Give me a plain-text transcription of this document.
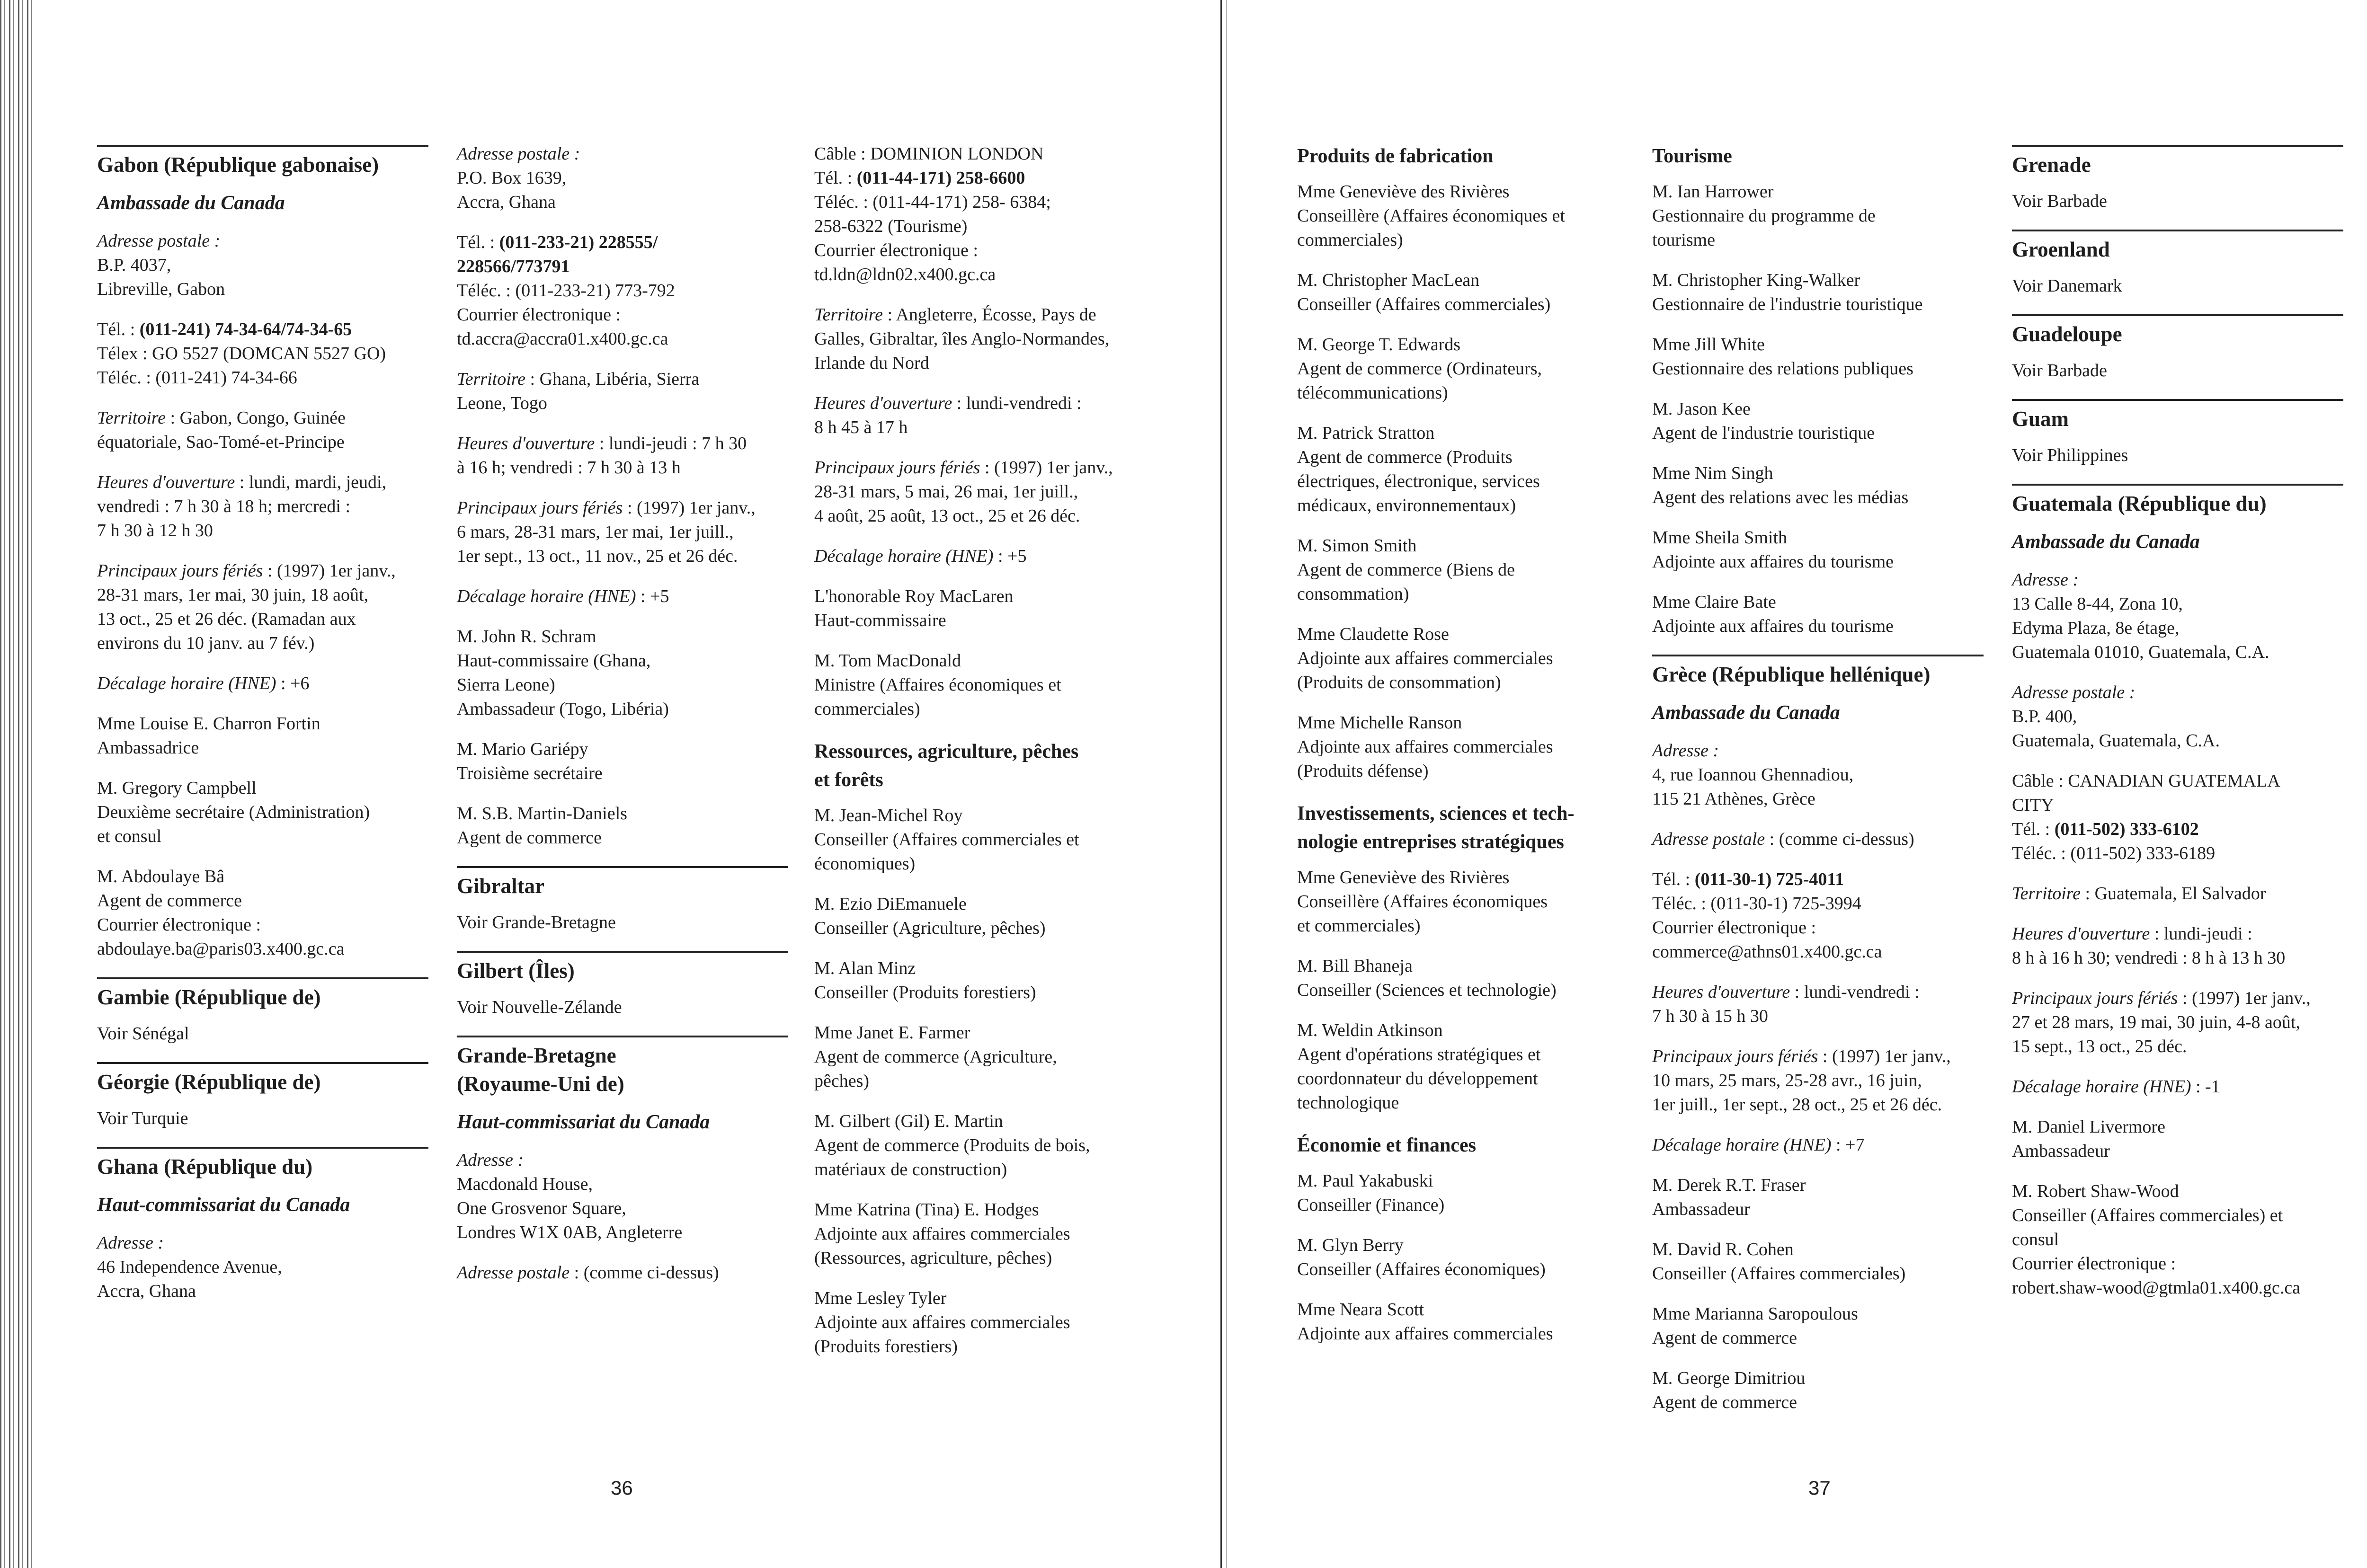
Gabon (République gabonaise)
Ambassade du Canada
Adresse postale :
B.P. 4037,
Libreville, Gabon
Tél. : (011-241) 74-34-64/74-34-65
Télex : GO 5527 (DOMCAN 5527 GO)
Téléc. : (011-241) 74-34-66
Territoire : Gabon, Congo, Guinée
équatoriale, Sao-Tomé-et-Principe
Heures d'ouverture : lundi, mardi, jeudi,
vendredi : 7 h 30 à 18 h; mercredi :
7 h 30 à 12 h 30
Principaux jours fériés : (1997) 1er janv.,
28-31 mars, 1er mai, 30 juin, 18 août,
13 oct., 25 et 26 déc. (Ramadan aux
environs du 10 janv. au 7 fév.)
Décalage horaire (HNE) : +6
Mme Louise E. Charron Fortin
Ambassadrice
M. Gregory Campbell
Deuxième secrétaire (Administration)
et consul
M. Abdoulaye Bâ
Agent de commerce
Courrier électronique :
abdoulaye.ba@paris03.x400.gc.ca
Gambie (République de)
Voir Sénégal
Géorgie (République de)
Voir Turquie
Ghana (République du)
Haut-commissariat du Canada
Adresse :
46 Independence Avenue,
Accra, Ghana
Adresse postale :
P.O. Box 1639,
Accra, Ghana
Tél. : (011-233-21) 228555/
228566/773791
Téléc. : (011-233-21) 773-792
Courrier électronique :
td.accra@accra01.x400.gc.ca
Territoire : Ghana, Libéria, Sierra
Leone, Togo
Heures d'ouverture : lundi-jeudi : 7 h 30
à 16 h; vendredi : 7 h 30 à 13 h
Principaux jours fériés : (1997) 1er janv.,
6 mars, 28-31 mars, 1er mai, 1er juill.,
1er sept., 13 oct., 11 nov., 25 et 26 déc.
Décalage horaire (HNE) : +5
M. John R. Schram
Haut-commissaire (Ghana,
Sierra Leone)
Ambassadeur (Togo, Libéria)
M. Mario Gariépy
Troisième secrétaire
M. S.B. Martin-Daniels
Agent de commerce
Gibraltar
Voir Grande-Bretagne
Gilbert (Îles)
Voir Nouvelle-Zélande
Grande-Bretagne
(Royaume-Uni de)
Haut-commissariat du Canada
Adresse :
Macdonald House,
One Grosvenor Square,
Londres W1X 0AB, Angleterre
Adresse postale : (comme ci-dessus)
Câble : DOMINION LONDON
Tél. : (011-44-171) 258-6600
Téléc. : (011-44-171) 258- 6384;
258-6322 (Tourisme)
Courrier électronique :
td.ldn@ldn02.x400.gc.ca
Territoire : Angleterre, Écosse, Pays de
Galles, Gibraltar, îles Anglo-Normandes,
Irlande du Nord
Heures d'ouverture : lundi-vendredi :
8 h 45 à 17 h
Principaux jours fériés : (1997) 1er janv.,
28-31 mars, 5 mai, 26 mai, 1er juill.,
4 août, 25 août, 13 oct., 25 et 26 déc.
Décalage horaire (HNE) : +5
L'honorable Roy MacLaren
Haut-commissaire
M. Tom MacDonald
Ministre (Affaires économiques et
commerciales)
Ressources, agriculture, pêches
et forêts
M. Jean-Michel Roy
Conseiller (Affaires commerciales et
économiques)
M. Ezio DiEmanuele
Conseiller (Agriculture, pêches)
M. Alan Minz
Conseiller (Produits forestiers)
Mme Janet E. Farmer
Agent de commerce (Agriculture,
pêches)
M. Gilbert (Gil) E. Martin
Agent de commerce (Produits de bois,
matériaux de construction)
Mme Katrina (Tina) E. Hodges
Adjointe aux affaires commerciales
(Ressources, agriculture, pêches)
Mme Lesley Tyler
Adjointe aux affaires commerciales
(Produits forestiers)
36
Produits de fabrication
Mme Geneviève des Rivières
Conseillère (Affaires économiques et
commerciales)
M. Christopher MacLean
Conseiller (Affaires commerciales)
M. George T. Edwards
Agent de commerce (Ordinateurs,
télécommunications)
M. Patrick Stratton
Agent de commerce (Produits
électriques, électronique, services
médicaux, environnementaux)
M. Simon Smith
Agent de commerce (Biens de
consommation)
Mme Claudette Rose
Adjointe aux affaires commerciales
(Produits de consommation)
Mme Michelle Ranson
Adjointe aux affaires commerciales
(Produits défense)
Investissements, sciences et tech-
nologie entreprises stratégiques
Mme Geneviève des Rivières
Conseillère (Affaires économiques
et commerciales)
M. Bill Bhaneja
Conseiller (Sciences et technologie)
M. Weldin Atkinson
Agent d'opérations stratégiques et
coordonnateur du développement
technologique
Économie et finances
M. Paul Yakabuski
Conseiller (Finance)
M. Glyn Berry
Conseiller (Affaires économiques)
Mme Neara Scott
Adjointe aux affaires commerciales
Tourisme
M. Ian Harrower
Gestionnaire du programme de
tourisme
M. Christopher King-Walker
Gestionnaire de l'industrie touristique
Mme Jill White
Gestionnaire des relations publiques
M. Jason Kee
Agent de l'industrie touristique
Mme Nim Singh
Agent des relations avec les médias
Mme Sheila Smith
Adjointe aux affaires du tourisme
Mme Claire Bate
Adjointe aux affaires du tourisme
Grèce (République hellénique)
Ambassade du Canada
Adresse :
4, rue Ioannou Ghennadiou,
115 21 Athènes, Grèce
Adresse postale : (comme ci-dessus)
Tél. : (011-30-1) 725-4011
Téléc. : (011-30-1) 725-3994
Courrier électronique :
commerce@athns01.x400.gc.ca
Heures d'ouverture : lundi-vendredi :
7 h 30 à 15 h 30
Principaux jours fériés : (1997) 1er janv.,
10 mars, 25 mars, 25-28 avr., 16 juin,
1er juill., 1er sept., 28 oct., 25 et 26 déc.
Décalage horaire (HNE) : +7
M. Derek R.T. Fraser
Ambassadeur
M. David R. Cohen
Conseiller (Affaires commerciales)
Mme Marianna Saropoulous
Agent de commerce
M. George Dimitriou
Agent de commerce
Grenade
Voir Barbade
Groenland
Voir Danemark
Guadeloupe
Voir Barbade
Guam
Voir Philippines
Guatemala (République du)
Ambassade du Canada
Adresse :
13 Calle 8-44, Zona 10,
Edyma Plaza, 8e étage,
Guatemala 01010, Guatemala, C.A.
Adresse postale :
B.P. 400,
Guatemala, Guatemala, C.A.
Câble : CANADIAN GUATEMALA
CITY
Tél. : (011-502) 333-6102
Téléc. : (011-502) 333-6189
Territoire : Guatemala, El Salvador
Heures d'ouverture : lundi-jeudi :
8 h à 16 h 30; vendredi : 8 h à 13 h 30
Principaux jours fériés : (1997) 1er janv.,
27 et 28 mars, 19 mai, 30 juin, 4-8 août,
15 sept., 13 oct., 25 déc.
Décalage horaire (HNE) : -1
M. Daniel Livermore
Ambassadeur
M. Robert Shaw-Wood
Conseiller (Affaires commerciales) et
consul
Courrier électronique :
robert.shaw-wood@gtmla01.x400.gc.ca
37
